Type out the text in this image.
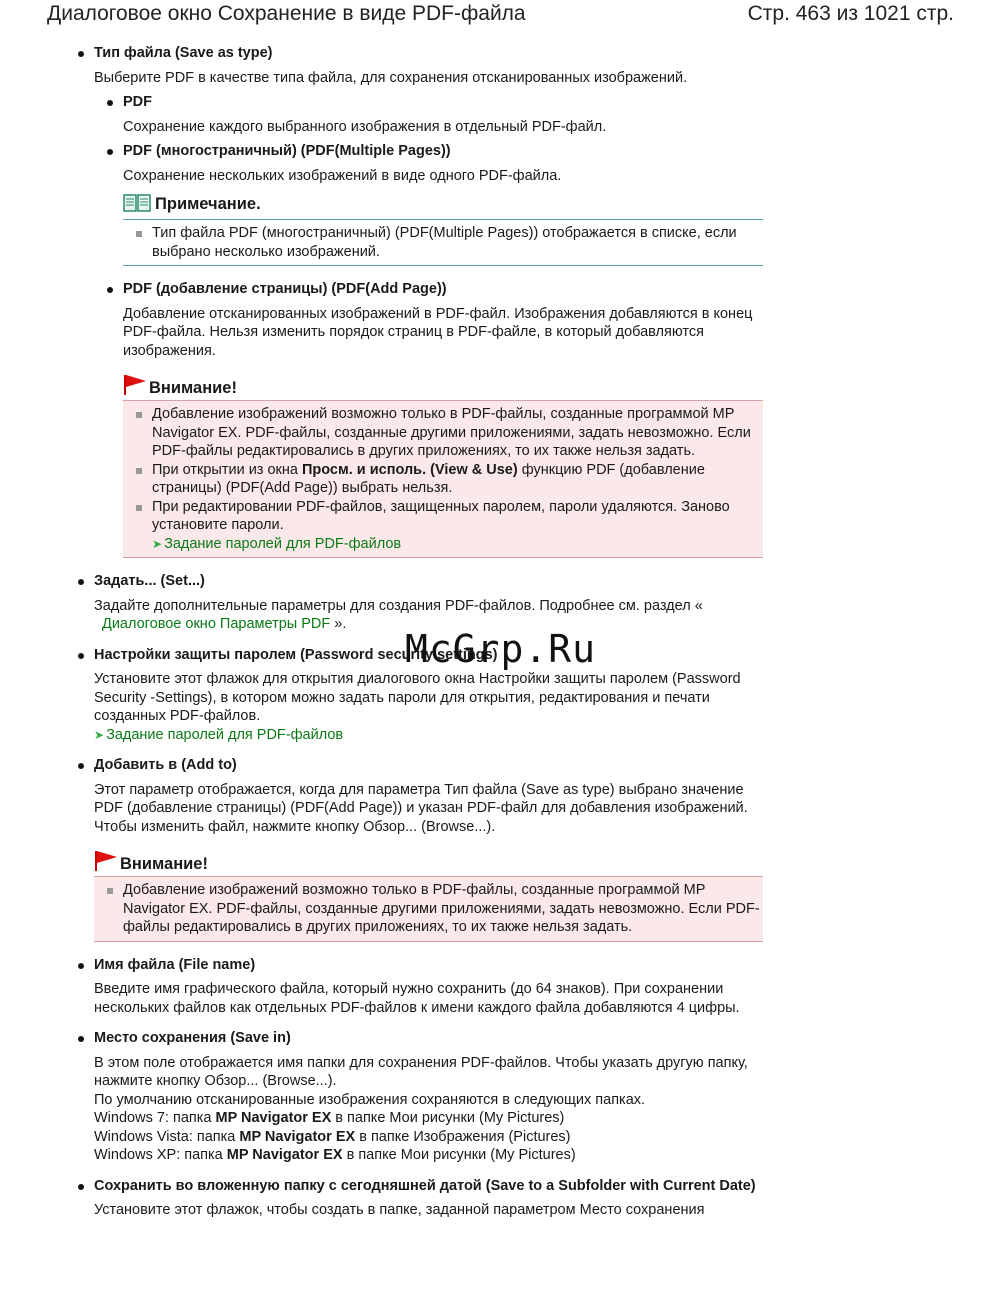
Диалоговое окно Сохранение в виде PDF-файла	Стр. 463 из 1021 стр.
Тип файла (Save as type)
Выберите PDF в качестве типа файла, для сохранения отсканированных изображений.
PDF
Сохранение каждого выбранного изображения в отдельный PDF-файл.
PDF (многостраничный) (PDF(Multiple Pages))
Сохранение нескольких изображений в виде одного PDF-файла.
Примечание.
Тип файла PDF (многостраничный) (PDF(Multiple Pages)) отображается в списке, если выбрано несколько изображений.
PDF (добавление страницы) (PDF(Add Page))
Добавление отсканированных изображений в PDF-файл. Изображения добавляются в конец PDF-файла. Нельзя изменить порядок страниц в PDF-файле, в который добавляются изображения.
Внимание!
Добавление изображений возможно только в PDF-файлы, созданные программой MP Navigator EX. PDF-файлы, созданные другими приложениями, задать невозможно. Если PDF-файлы редактировались в других приложениях, то их также нельзя задать.
При открытии из окна Просм. и исполь. (View & Use) функцию PDF (добавление страницы) (PDF(Add Page)) выбрать нельзя.
При редактировании PDF-файлов, защищенных паролем, пароли удаляются. Заново установите пароли.
➤ Задание паролей для PDF-файлов
Задать... (Set...)
Задайте дополнительные параметры для создания PDF-файлов. Подробнее см. раздел «
Диалоговое окно Параметры PDF ».
Настройки защиты паролем (Password security settings)
Установите этот флажок для открытия диалогового окна Настройки защиты паролем (Password Security -Settings), в котором можно задать пароли для открытия, редактирования и печати созданных PDF-файлов.
➤ Задание паролей для PDF-файлов
Добавить в (Add to)
Этот параметр отображается, когда для параметра Тип файла (Save as type) выбрано значение PDF (добавление страницы) (PDF(Add Page)) и указан PDF-файл для добавления изображений. Чтобы изменить файл, нажмите кнопку Обзор... (Browse...).
Внимание!
Добавление изображений возможно только в PDF-файлы, созданные программой MP Navigator EX. PDF-файлы, созданные другими приложениями, задать невозможно. Если PDF-файлы редактировались в других приложениях, то их также нельзя задать.
Имя файла (File name)
Введите имя графического файла, который нужно сохранить (до 64 знаков). При сохранении нескольких файлов как отдельных PDF-файлов к имени каждого файла добавляются 4 цифры.
Место сохранения (Save in)
В этом поле отображается имя папки для сохранения PDF-файлов. Чтобы указать другую папку, нажмите кнопку Обзор... (Browse...).
По умолчанию отсканированные изображения сохраняются в следующих папках.
Windows 7: папка MP Navigator EX в папке Мои рисунки (My Pictures)
Windows Vista: папка MP Navigator EX в папке Изображения (Pictures)
Windows XP: папка MP Navigator EX в папке Мои рисунки (My Pictures)
Сохранить во вложенную папку с сегодняшней датой (Save to a Subfolder with Current Date)
Установите этот флажок, чтобы создать в папке, заданной параметром Место сохранения
McGrp.Ru
